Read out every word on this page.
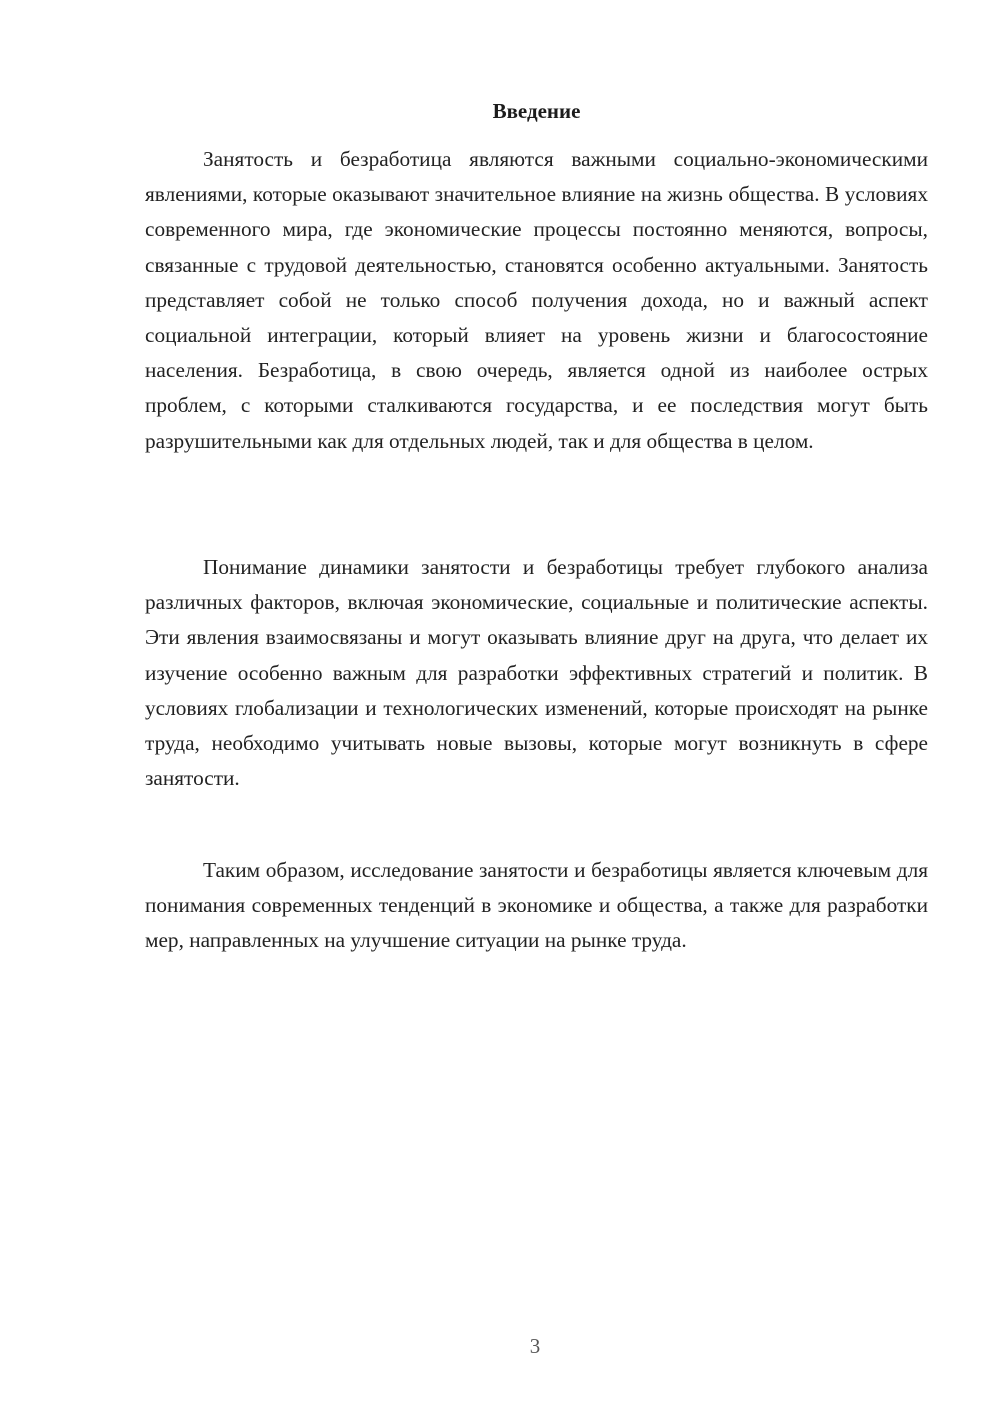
Введение

Занятость и безработица являются важными социально-экономическими явлениями, которые оказывают значительное влияние на жизнь общества. В условиях современного мира, где экономические процессы постоянно меняются, вопросы, связанные с трудовой деятельностью, становятся особенно актуальными. Занятость представляет собой не только способ получения дохода, но и важный аспект социальной интеграции, который влияет на уровень жизни и благосостояние населения. Безработица, в свою очередь, является одной из наиболее острых проблем, с которыми сталкиваются государства, и ее последствия могут быть разрушительными как для отдельных людей, так и для общества в целом.

Понимание динамики занятости и безработицы требует глубокого анализа различных факторов, включая экономические, социальные и политические аспекты. Эти явления взаимосвязаны и могут оказывать влияние друг на друга, что делает их изучение особенно важным для разработки эффективных стратегий и политик. В условиях глобализации и технологических изменений, которые происходят на рынке труда, необходимо учитывать новые вызовы, которые могут возникнуть в сфере занятости.

Таким образом, исследование занятости и безработицы является ключевым для понимания современных тенденций в экономике и общества, а также для разработки мер, направленных на улучшение ситуации на рынке труда.

3
